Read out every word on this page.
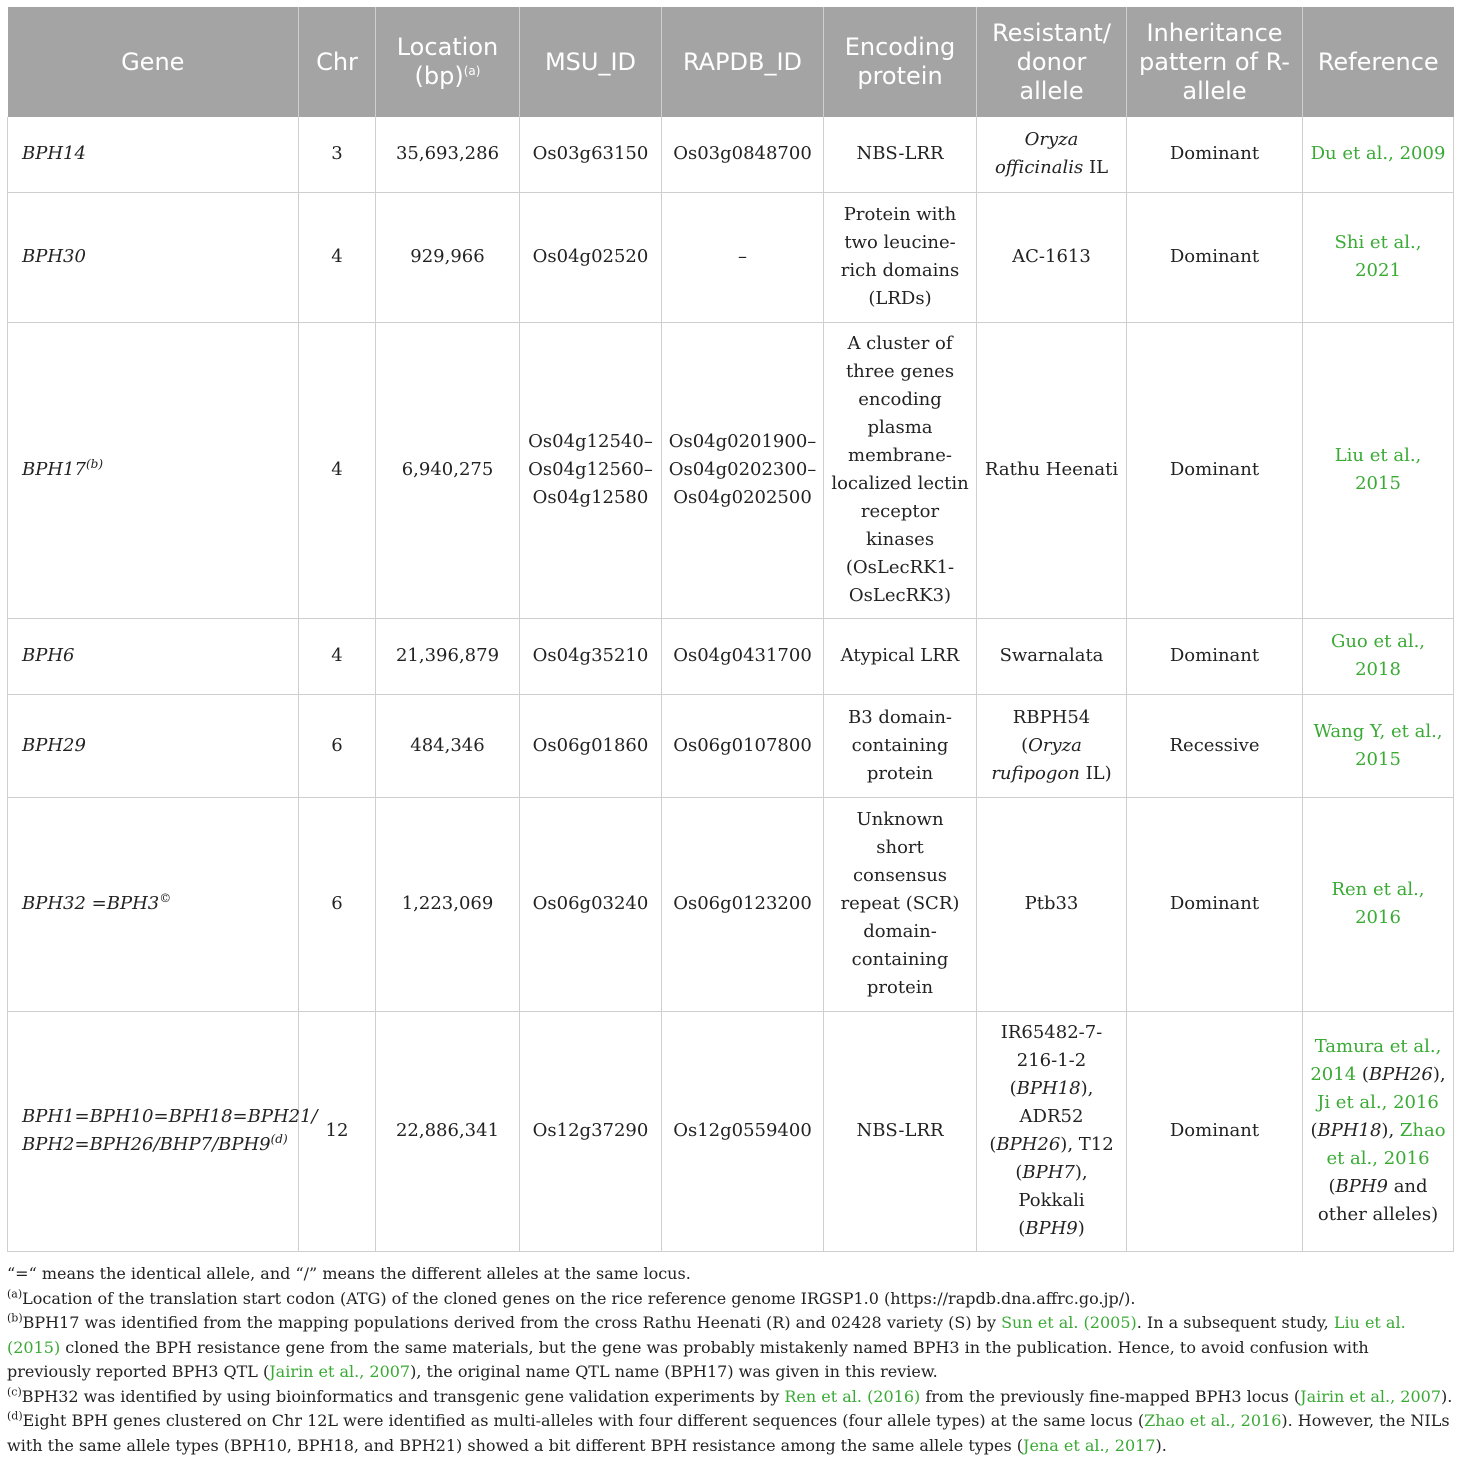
Gene	Chr	Location (bp)$^{(a)}$	MSU_ID	RAPDB_ID	Encoding protein	Resistant/ donor allele	Inheritance pattern of R- allele	Reference
BPH14	3	35,693,286	Os03g63150	Os03g0848700	NBS-LRR	Oryza officinalis IL	Dominant	Du et al., 2009
BPH30	4	929,966	Os04g02520	–	Protein with two leucine-rich domains (LRDs)	AC-1613	Dominant	Shi et al., 2021
BPH17$^{(b)}$	4	6,940,275	Os04g12540–Os04g12560–Os04g12580	Os04g0201900–Os04g0202300–Os04g0202500	A cluster of three genes encoding plasma membrane-localized lectin receptor kinases (OsLecRK1-OsLecRK3)	Rathu Heenati	Dominant	Liu et al., 2015
BPH6	4	21,396,879	Os04g35210	Os04g0431700	Atypical LRR	Swarnalata	Dominant	Guo et al., 2018
BPH29	6	484,346	Os06g01860	Os06g0107800	B3 domain-containing protein	RBPH54 (Oryza rufipogon IL)	Recessive	Wang Y, et al., 2015
BPH32 =BPH3©	6	1,223,069	Os06g03240	Os06g0123200	Unknown short consensus repeat (SCR) domain-containing protein	Ptb33	Dominant	Ren et al., 2016
BPH1=BPH10=BPH18=BPH21/ $BPH2=BPH26/BHP7/BPH9^{(d)}$	12	22,886,341	Os12g37290	Os12g0559400	NBS-LRR	IR65482-7-216-1-2 (BPH18), ADR52 (BPH26), T12 (BPH7), Pokkali (BPH9)	Dominant	Tamura et al., 2014 (BPH26), Ji et al., 2016 (BPH18), Zhao et al., 2016 (BPH9 and other alleles)

“=“ means the identical allele, and “/” means the different alleles at the same locus.

$^{(a)}$Location of the translation start codon (ATG) of the cloned genes on the rice reference genome IRGSP1.0 (https://rapdb.dna.affrc.go.jp/).

$^{(b)}$BPH17 was identified from the mapping populations derived from the cross Rathu Heenati (R) and 02428 variety (S) by Sun et al. (2005). In a subsequent study, Liu et al. (2015) cloned the BPH resistance gene from the same materials, but the gene was probably mistakenly named BPH3 in the publication. Hence, to avoid confusion with previously reported BPH3 QTL (Jairin et al., 2007), the original name QTL name (BPH17) was given in this review.

$^{(c)}$BPH32 was identified by using bioinformatics and transgenic gene validation experiments by Ren et al. (2016) from the previously fine-mapped BPH3 locus (Jairin et al., 2007).

$^{(d)}$Eight BPH genes clustered on Chr 12L were identified as multi-alleles with four different sequences (four allele types) at the same locus (Zhao et al., 2016). However, the NILs with the same allele types (BPH10, BPH18, and BPH21) showed a bit different BPH resistance among the same allele types (Jena et al., 2017).
